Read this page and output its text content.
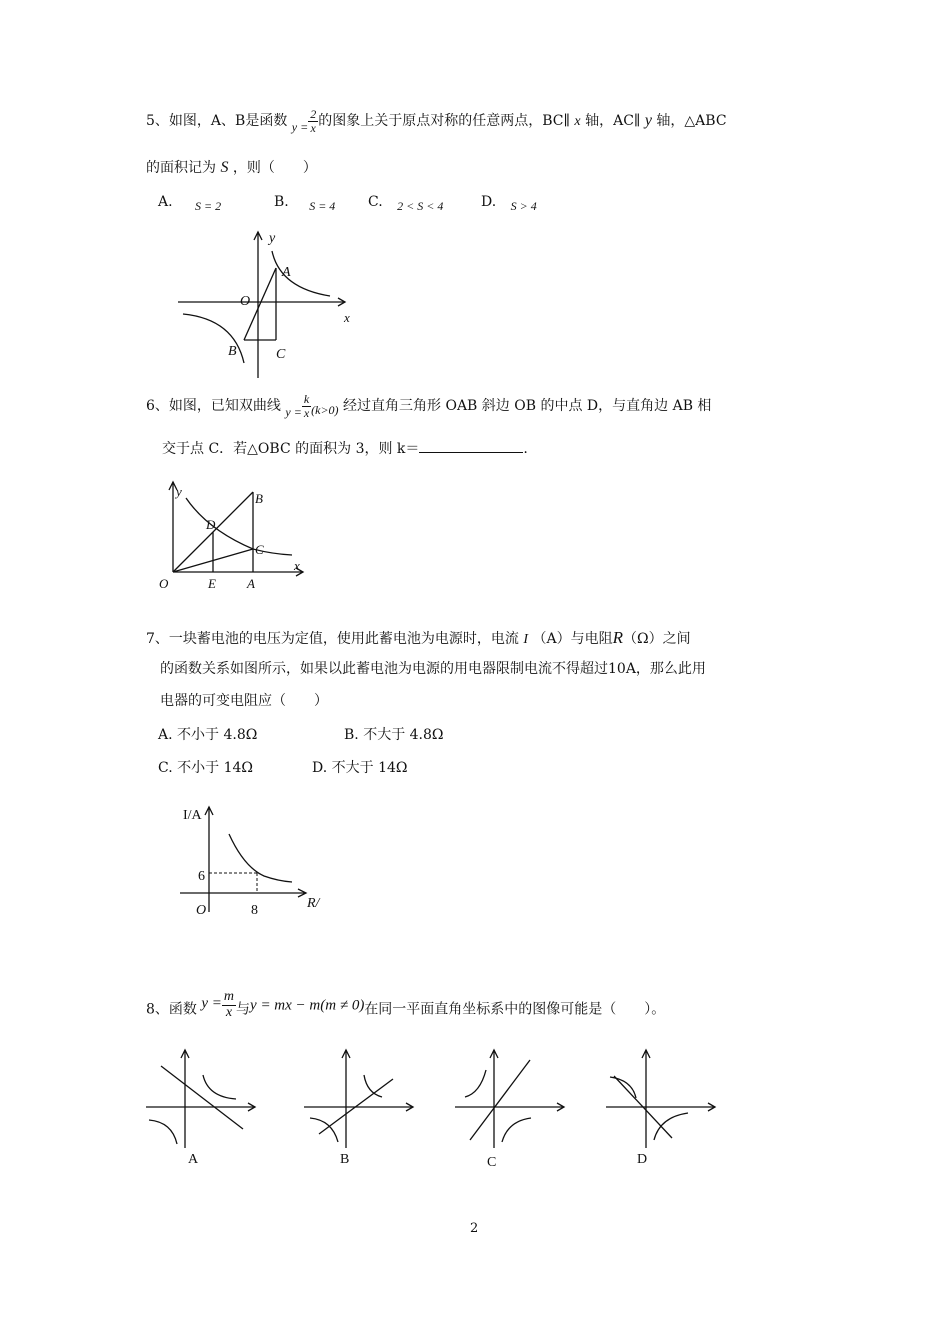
5、如图，A、B是函数 $y = \frac{2}{x}$ 的图象上关于原点对称的任意两点，BC∥ x 轴，AC∥ y 轴，△ABC
的面积记为 S ，则（　　）
A. S = 2	B. S = 4 C. 2 < S < 4	D. S > 4
y
x
O
A
B	C
6、如图，已知双曲线 $y = \frac{k}{x} (k>0)$ 经过直角三角形 OAB 斜边 OB 的中点 D，与直角边 AB 相
交于点 C．若△OBC 的面积为 3，则 k＝	.
y
x
O	E A
B
C
D
7、一块蓄电池的电压为定值，使用此蓄电池为电源时，电流 I （A）与电阻R（Ω）之间
的函数关系如图所示，如果以此蓄电池为电源的用电器限制电流不得超过10A，那么此用
电器的可变电阻应（　　）
A. 不小于 4.8Ω	B. 不大于 4.8Ω
C. 不小于 14Ω	D. 不大于 14Ω
I/A
R/
O
6
8
8、函数 $y = \frac{m}{x}$ 与y = mx − m(m ≠ 0)在同一平面直角坐标系中的图像可能是（　　）。
A	B	C	D
2
